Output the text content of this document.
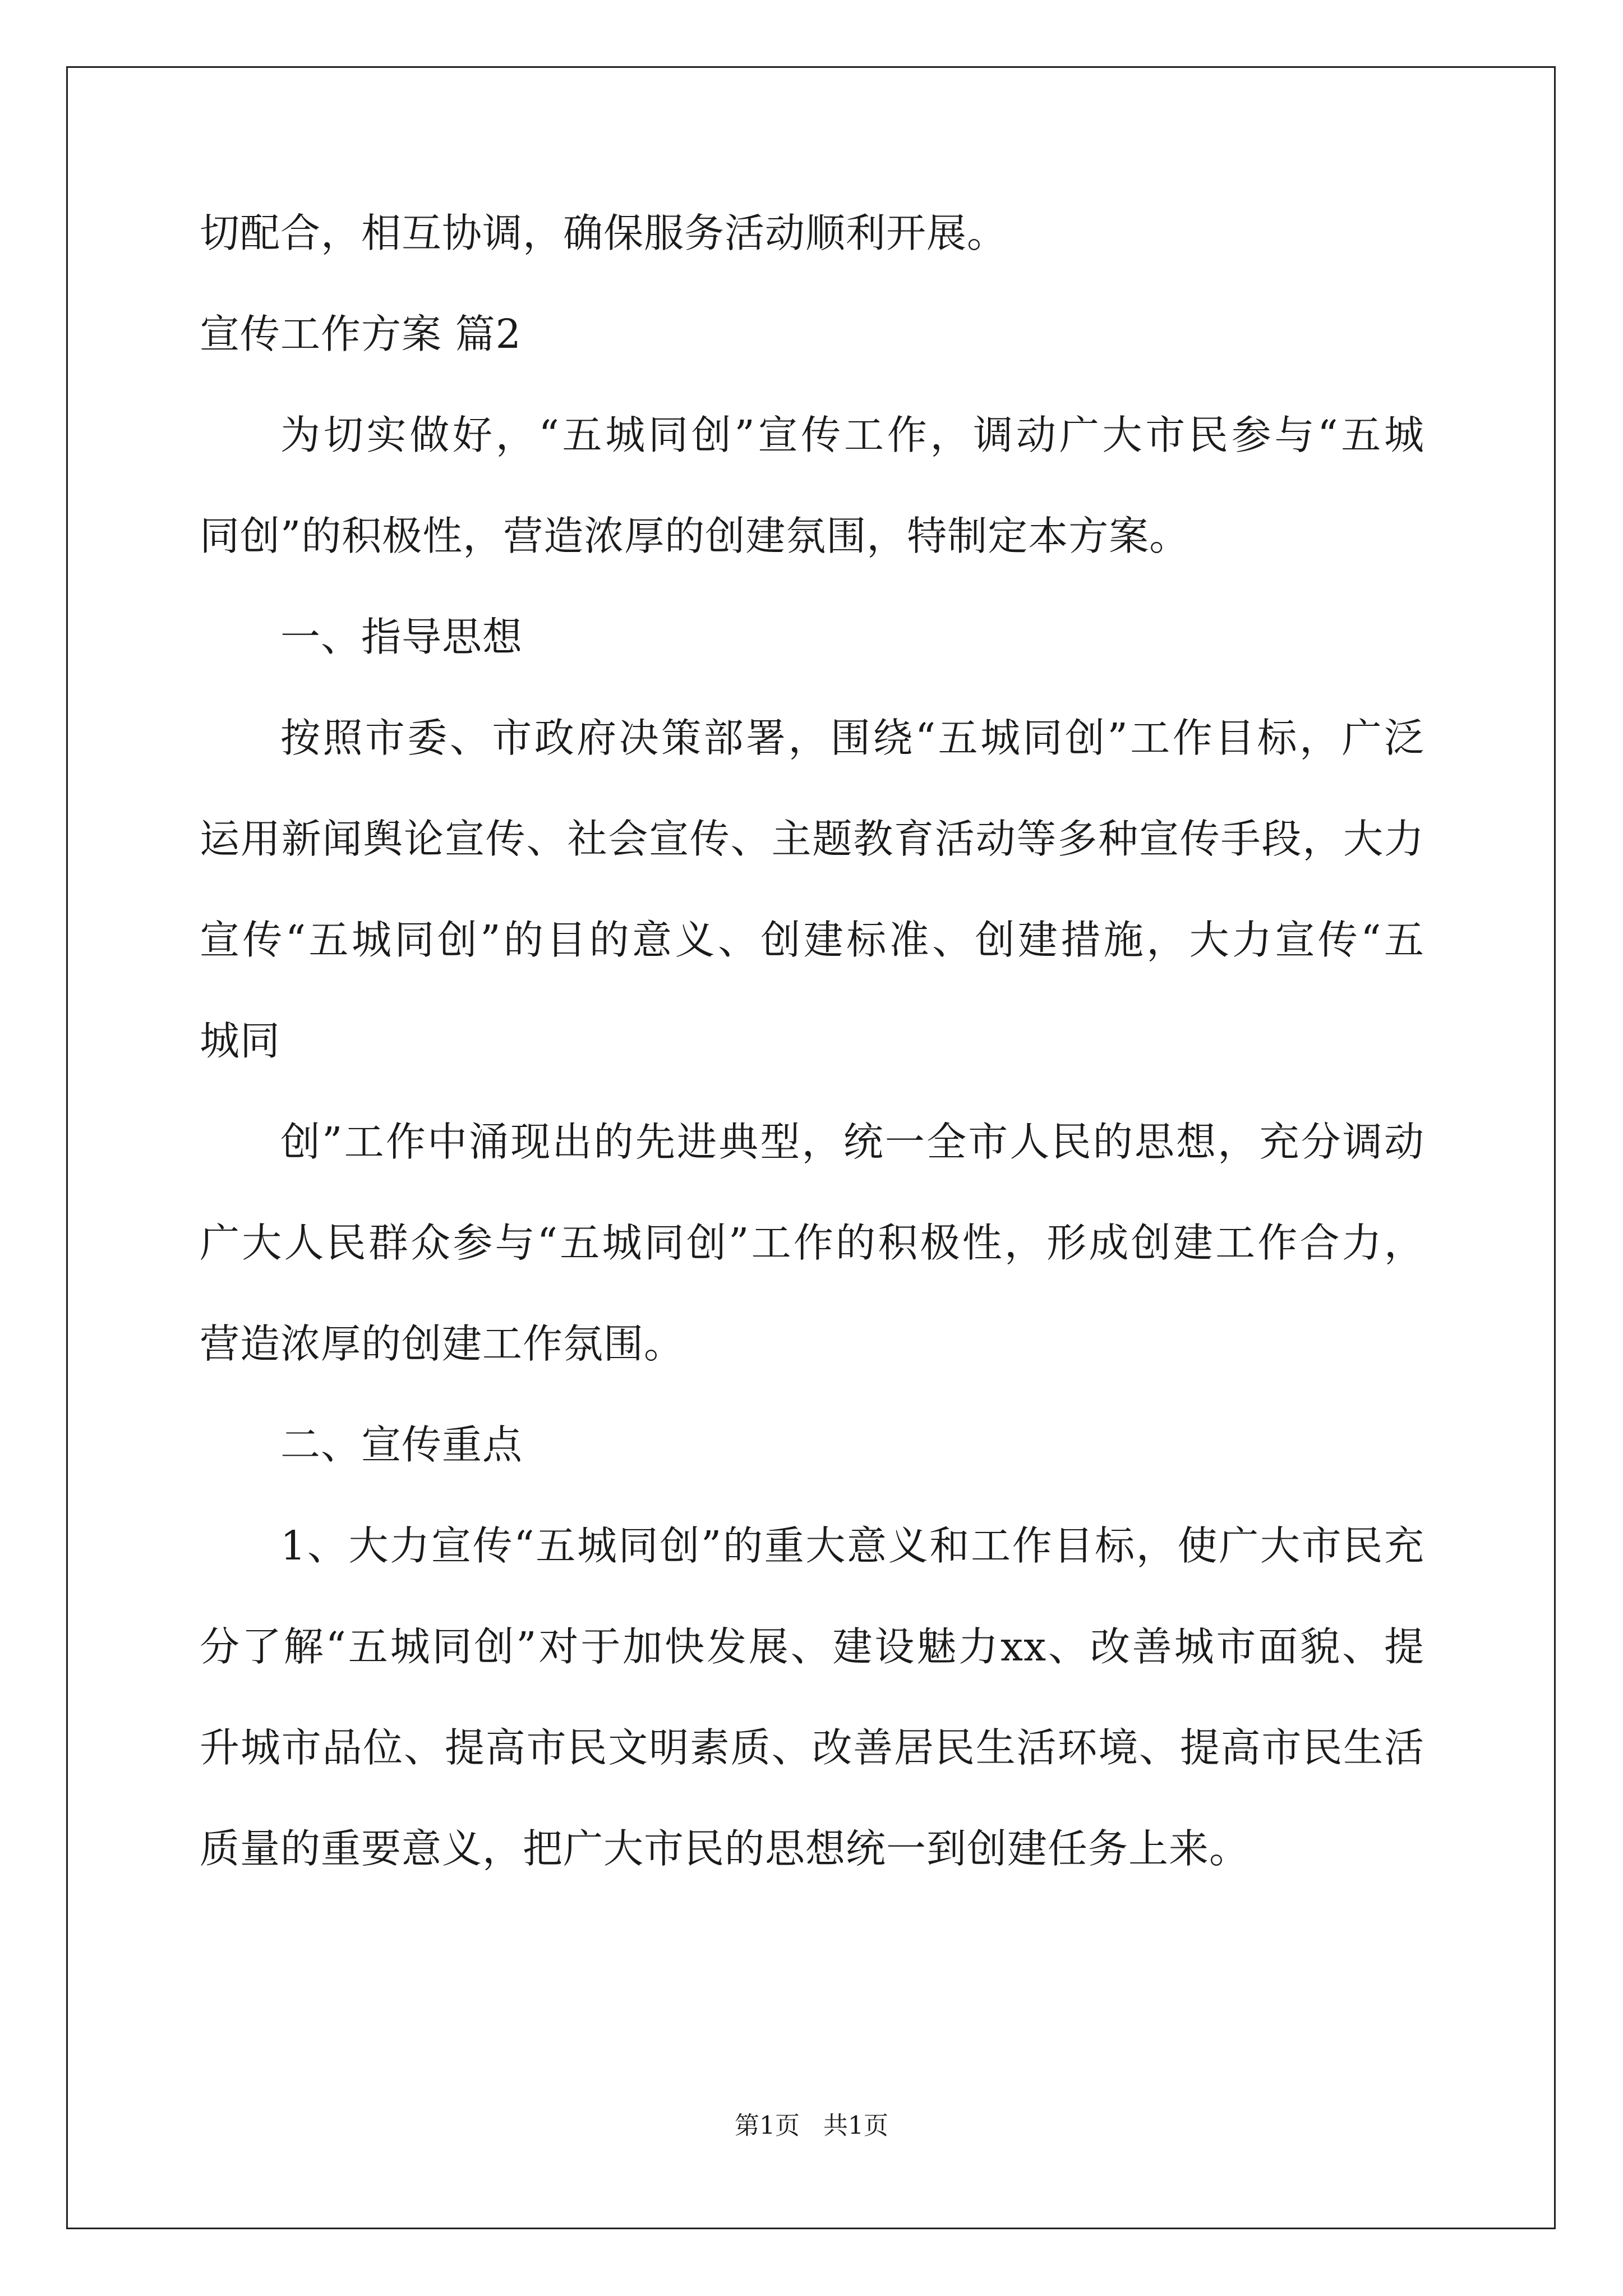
切配合，相互协调，确保服务活动顺利开展。
宣传工作方案 篇2
为切实做好，“五城同创”宣传工作，调动广大市民参与“五城
同创”的积极性，营造浓厚的创建氛围，特制定本方案。
一、指导思想
按照市委、市政府决策部署，围绕“五城同创”工作目标，广泛
运用新闻舆论宣传、社会宣传、主题教育活动等多种宣传手段，大力
宣传“五城同创”的目的意义、创建标准、创建措施，大力宣传“五
城同
创”工作中涌现出的先进典型，统一全市人民的思想，充分调动
广大人民群众参与“五城同创”工作的积极性，形成创建工作合力，
营造浓厚的创建工作氛围。
二、宣传重点
1、大力宣传“五城同创”的重大意义和工作目标，使广大市民充
分了解“五城同创”对于加快发展、建设魅力xx、改善城市面貌、提
升城市品位、提高市民文明素质、改善居民生活环境、提高市民生活
质量的重要意义，把广大市民的思想统一到创建任务上来。
第1页   共1页
